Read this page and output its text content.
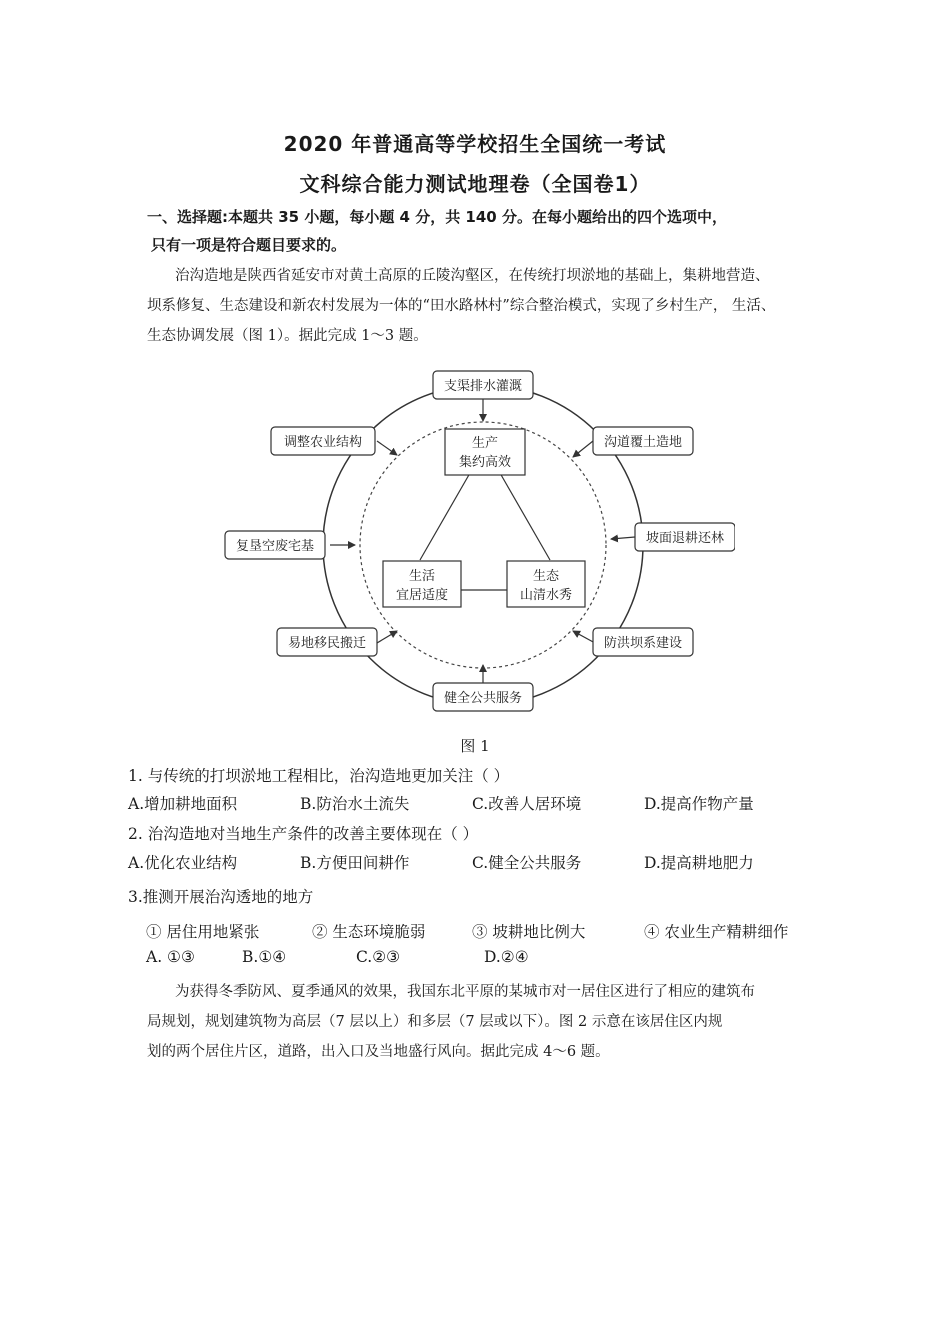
2020 年普通高等学校招生全国统一考试
文科综合能力测试地理卷（全国卷1）
一、选择题:本题共 35 小题，每小题 4 分，共 140 分。在每小题给出的四个选项中，
只有一项是符合题目要求的。
治沟造地是陕西省延安市对黄土高原的丘陵沟壑区，在传统打坝淤地的基础上，集耕地营造、
坝系修复、生态建设和新农村发展为一体的“田水路林村”综合整治模式，实现了乡村生产， 生活、
生态协调发展（图 1）。据此完成 1～3 题。
生产
集约高效
生活
宜居适度
生态
山清水秀
支渠排水灌溉
沟道覆土造地
坡面退耕还林
防洪坝系建设
健全公共服务
易地移民搬迁
复垦空废宅基
调整农业结构
图 1
1. 与传统的打坝淤地工程相比，治沟造地更加关注（ ）
A.增加耕地面积	B.防治水土流失	C.改善人居环境	D.提高作物产量
2. 治沟造地对当地生产条件的改善主要体现在（ ）
A.优化农业结构	B.方便田间耕作	C.健全公共服务	D.提高耕地肥力
3.推测开展治沟透地的地方
① 居住用地紧张	② 生态环境脆弱	③ 坡耕地比例大	④ 农业生产精耕细作
A. ①③	B.①④	C.②③	D.②④
为获得冬季防风、夏季通风的效果，我国东北平原的某城市对一居住区进行了相应的建筑布
局规划，规划建筑物为高层（7 层以上）和多层（7 层或以下）。图 2 示意在该居住区内规
划的两个居住片区，道路，出入口及当地盛行风向。据此完成 4～6 题。
